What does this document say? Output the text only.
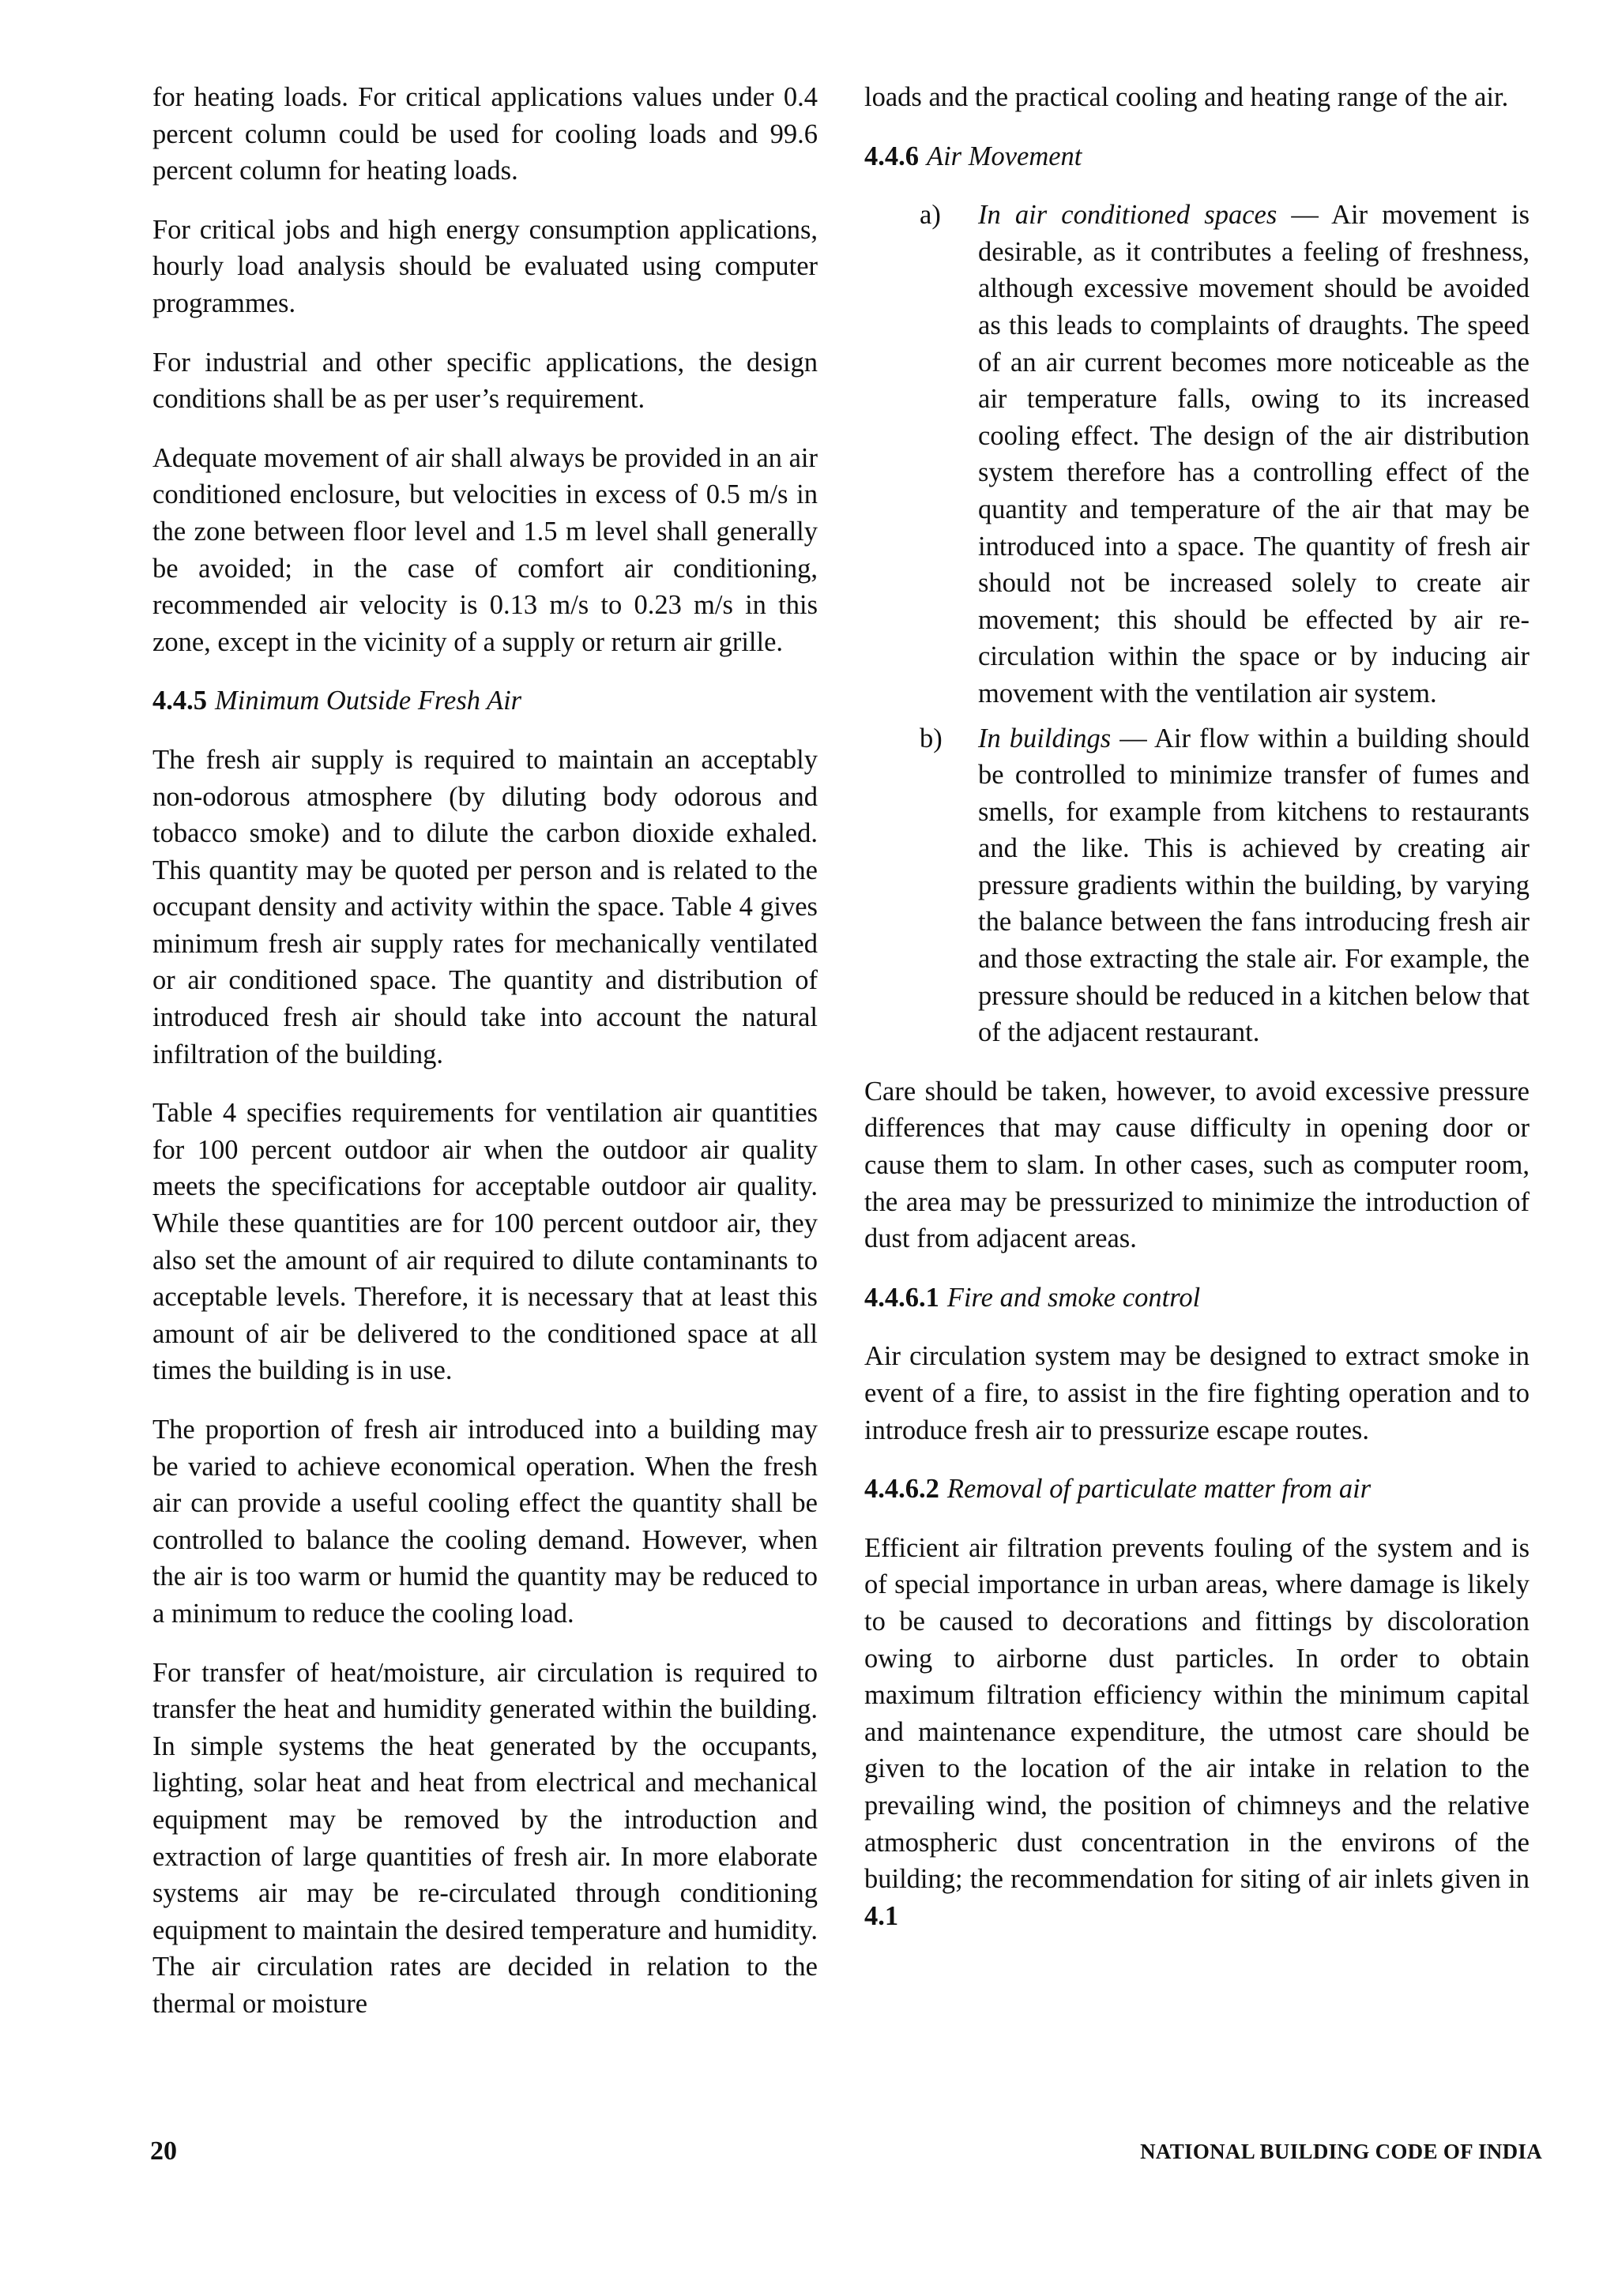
for heating loads. For critical applications values under 0.4 percent column could be used for cooling loads and 99.6 percent column for heating loads.

For critical jobs and high energy consumption applications, hourly load analysis should be evaluated using computer programmes.

For industrial and other specific applications, the design conditions shall be as per user’s requirement.

Adequate movement of air shall always be provided in an air conditioned enclosure, but velocities in excess of 0.5 m/s in the zone between floor level and 1.5 m level shall generally be avoided; in the case of comfort air conditioning, recommended air velocity is 0.13 m/s to 0.23 m/s in this zone, except in the vicinity of a supply or return air grille.

4.4.5 Minimum Outside Fresh Air

The fresh air supply is required to maintain an acceptably non-odorous atmosphere (by diluting body odorous and tobacco smoke) and to dilute the carbon dioxide exhaled. This quantity may be quoted per person and is related to the occupant density and activity within the space. Table 4 gives minimum fresh air supply rates for mechanically ventilated or air conditioned space. The quantity and distribution of introduced fresh air should take into account the natural infiltration of the building.

Table 4 specifies requirements for ventilation air quantities for 100 percent outdoor air when the outdoor air quality meets the specifications for acceptable outdoor air quality. While these quantities are for 100 percent outdoor air, they also set the amount of air required to dilute contaminants to acceptable levels. Therefore, it is necessary that at least this amount of air be delivered to the conditioned space at all times the building is in use.

The proportion of fresh air introduced into a building may be varied to achieve economical operation. When the fresh air can provide a useful cooling effect the quantity shall be controlled to balance the cooling demand. However, when the air is too warm or humid the quantity may be reduced to a minimum to reduce the cooling load.

For transfer of heat/moisture, air circulation is required to transfer the heat and humidity generated within the building. In simple systems the heat generated by the occupants, lighting, solar heat and heat from electrical and mechanical equipment may be removed by the introduction and extraction of large quantities of fresh air. In more elaborate systems air may be re-circulated through conditioning equipment to maintain the desired temperature and humidity. The air circulation rates are decided in relation to the thermal or moisture

loads and the practical cooling and heating range of the air.

4.4.6 Air Movement
a) In air conditioned spaces — Air movement is desirable, as it contributes a feeling of freshness, although excessive movement should be avoided as this leads to complaints of draughts. The speed of an air current becomes more noticeable as the air temperature falls, owing to its increased cooling effect. The design of the air distribution system therefore has a controlling effect of the quantity and temperature of the air that may be introduced into a space. The quantity of fresh air should not be increased solely to create air movement; this should be effected by air re-circulation within the space or by inducing air movement with the ventilation air system.
b) In buildings — Air flow within a building should be controlled to minimize transfer of fumes and smells, for example from kitchens to restaurants and the like. This is achieved by creating air pressure gradients within the building, by varying the balance between the fans introducing fresh air and those extracting the stale air. For example, the pressure should be reduced in a kitchen below that of the adjacent restaurant.

Care should be taken, however, to avoid excessive pressure differences that may cause difficulty in opening door or cause them to slam. In other cases, such as computer room, the area may be pressurized to minimize the introduction of dust from adjacent areas.

4.4.6.1 Fire and smoke control

Air circulation system may be designed to extract smoke in event of a fire, to assist in the fire fighting operation and to introduce fresh air to pressurize escape routes.

4.4.6.2 Removal of particulate matter from air

Efficient air filtration prevents fouling of the system and is of special importance in urban areas, where damage is likely to be caused to decorations and fittings by discoloration owing to airborne dust particles. In order to obtain maximum filtration efficiency within the minimum capital and maintenance expenditure, the utmost care should be given to the location of the air intake in relation to the prevailing wind, the position of chimneys and the relative atmospheric dust concentration in the environs of the building; the recommendation for siting of air inlets given in 4.1

20	NATIONAL BUILDING CODE OF INDIA
